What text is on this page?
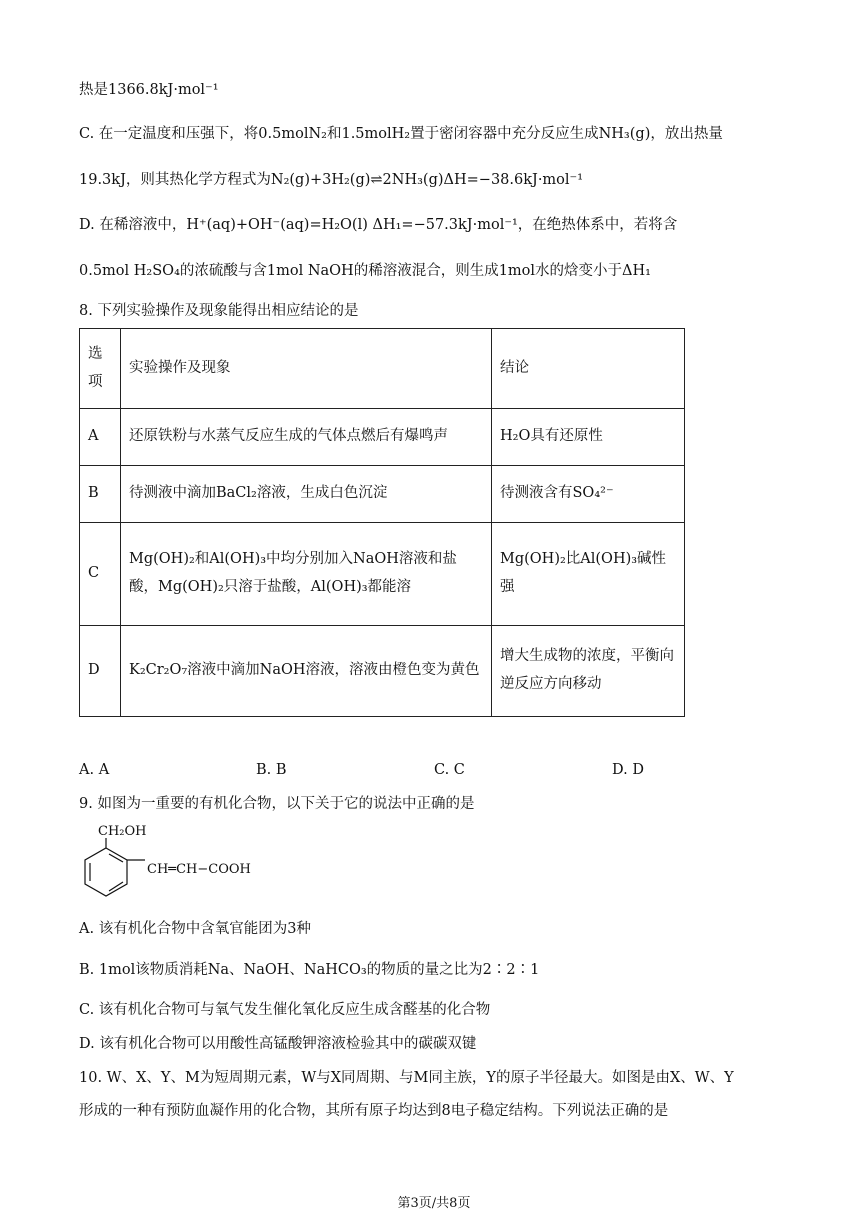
热是1366.8kJ·mol⁻¹
C. 在一定温度和压强下，将0.5molN₂和1.5molH₂置于密闭容器中充分反应生成NH₃(g)，放出热量
19.3kJ，则其热化学方程式为N₂(g)+3H₂(g)⇌2NH₃(g)ΔH=−38.6kJ·mol⁻¹
D. 在稀溶液中，H⁺(aq)+OH⁻(aq)=H₂O(l) ΔH₁=−57.3kJ·mol⁻¹，在绝热体系中，若将含
0.5mol H₂SO₄的浓硫酸与含1mol NaOH的稀溶液混合，则生成1mol水的焓变小于ΔH₁
8. 下列实验操作及现象能得出相应结论的是
选项	实验操作及现象	结论
A	还原铁粉与水蒸气反应生成的气体点燃后有爆鸣声	H₂O具有还原性
B	待测液中滴加BaCl₂溶液，生成白色沉淀	待测液含有SO₄²⁻
C	Mg(OH)₂和Al(OH)₃中均分别加入NaOH溶液和盐酸，Mg(OH)₂只溶于盐酸，Al(OH)₃都能溶	Mg(OH)₂比Al(OH)₃碱性强
D	K₂Cr₂O₇溶液中滴加NaOH溶液，溶液由橙色变为黄色	增大生成物的浓度，平衡向逆反应方向移动
A. A	B. B	C. C	D. D
9. 如图为一重要的有机化合物，以下关于它的说法中正确的是
CH₂OH
CH═CH−COOH
A. 该有机化合物中含氧官能团为3种
B. 1mol该物质消耗Na、NaOH、NaHCO₃的物质的量之比为2∶2∶1
C. 该有机化合物可与氧气发生催化氧化反应生成含醛基的化合物
D. 该有机化合物可以用酸性高锰酸钾溶液检验其中的碳碳双键
10. W、X、Y、M为短周期元素，W与X同周期、与M同主族，Y的原子半径最大。如图是由X、W、Y
形成的一种有预防血凝作用的化合物，其所有原子均达到8电子稳定结构。下列说法正确的是
第3页/共8页
